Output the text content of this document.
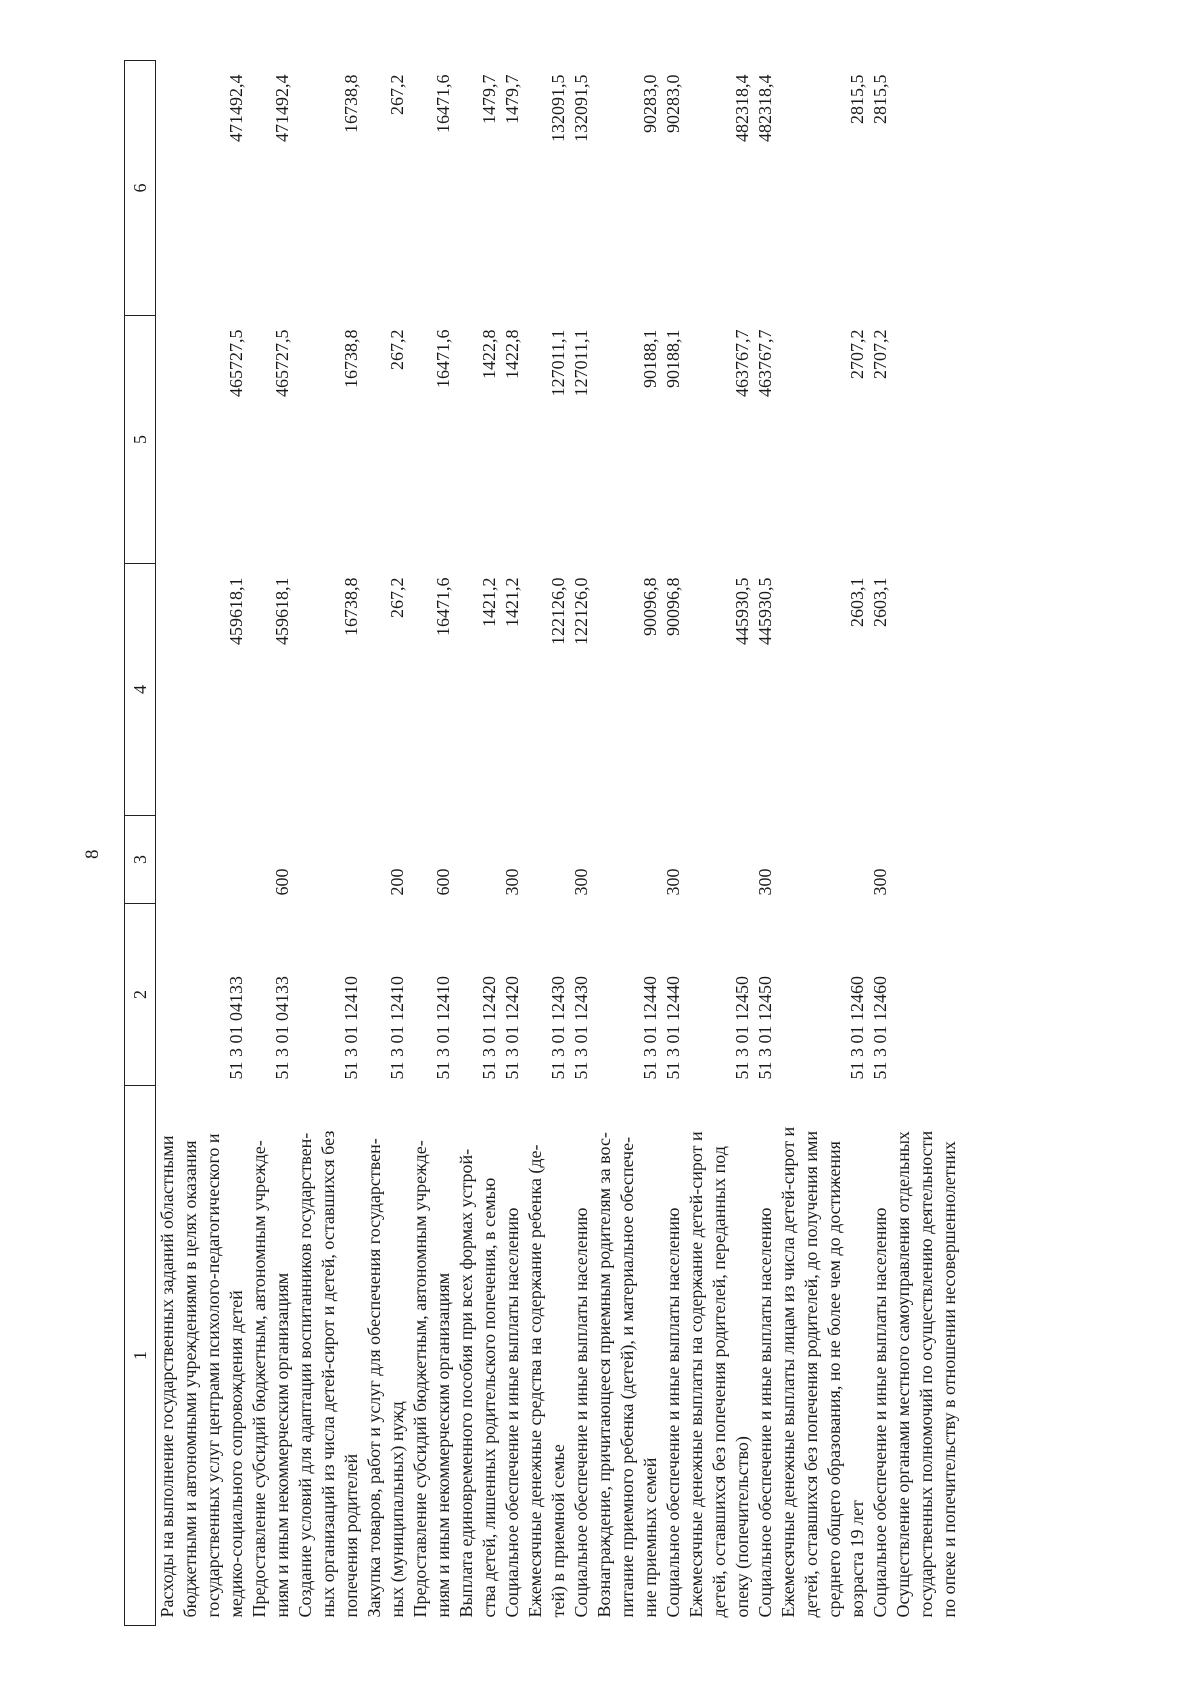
8
1	2	3	4	5	6

Расходы на выполнение государственных заданий областными бюджетными и автономными учреждениями в целях оказания государственных услуг центрами психолого-педагогического и медико-социального сопровождения детей	51 3 01 04133		459618,1	465727,5	471492,4

Предоставление субсидий бюджетным, автономным учрежде- ниям и иным некоммерческим организациям	51 3 01 04133	600	459618,1	465727,5	471492,4

Создание условий для адаптации воспитанников государствен- ных организаций из числа детей-сирот и детей, оставшихся без попечения родителей	51 3 01 12410		16738,8	16738,8	16738,8

Закупка товаров, работ и услуг для обеспечения государствен- ных (муниципальных) нужд	51 3 01 12410	200	267,2	267,2	267,2

Предоставление субсидий бюджетным, автономным учрежде- ниям и иным некоммерческим организациям	51 3 01 12410	600	16471,6	16471,6	16471,6

Выплата единовременного пособия при всех формах устрой- ства детей, лишенных родительского попечения, в семью	51 3 01 12420		1421,2	1422,8	1479,7

Социальное обеспечение и иные выплаты населению	51 3 01 12420	300	1421,2	1422,8	1479,7

Ежемесячные денежные средства на содержание ребенка (де- тей) в приемной семье	51 3 01 12430		122126,0	127011,1	132091,5

Социальное обеспечение и иные выплаты населению	51 3 01 12430	300	122126,0	127011,1	132091,5

Вознаграждение, причитающееся приемным родителям за вос- питание приемного ребенка (детей), и материальное обеспече- ние приемных семей	51 3 01 12440		90096,8	90188,1	90283,0

Социальное обеспечение и иные выплаты населению	51 3 01 12440	300	90096,8	90188,1	90283,0

Ежемесячные денежные выплаты на содержание детей-сирот и детей, оставшихся без попечения родителей, переданных под опеку (попечительство)	51 3 01 12450		445930,5	463767,7	482318,4

Социальное обеспечение и иные выплаты населению	51 3 01 12450	300	445930,5	463767,7	482318,4

Ежемесячные денежные выплаты лицам из числа детей-сирот и детей, оставшихся без попечения родителей, до получения ими среднего общего образования, но не более чем до достижения возраста 19 лет	51 3 01 12460		2603,1	2707,2	2815,5

Социальное обеспечение и иные выплаты населению	51 3 01 12460	300	2603,1	2707,2	2815,5

Осуществление органами местного самоуправления отдельных государственных полномочий по осуществлению деятельности по опеке и попечительству в отношении несовершеннолетних					
